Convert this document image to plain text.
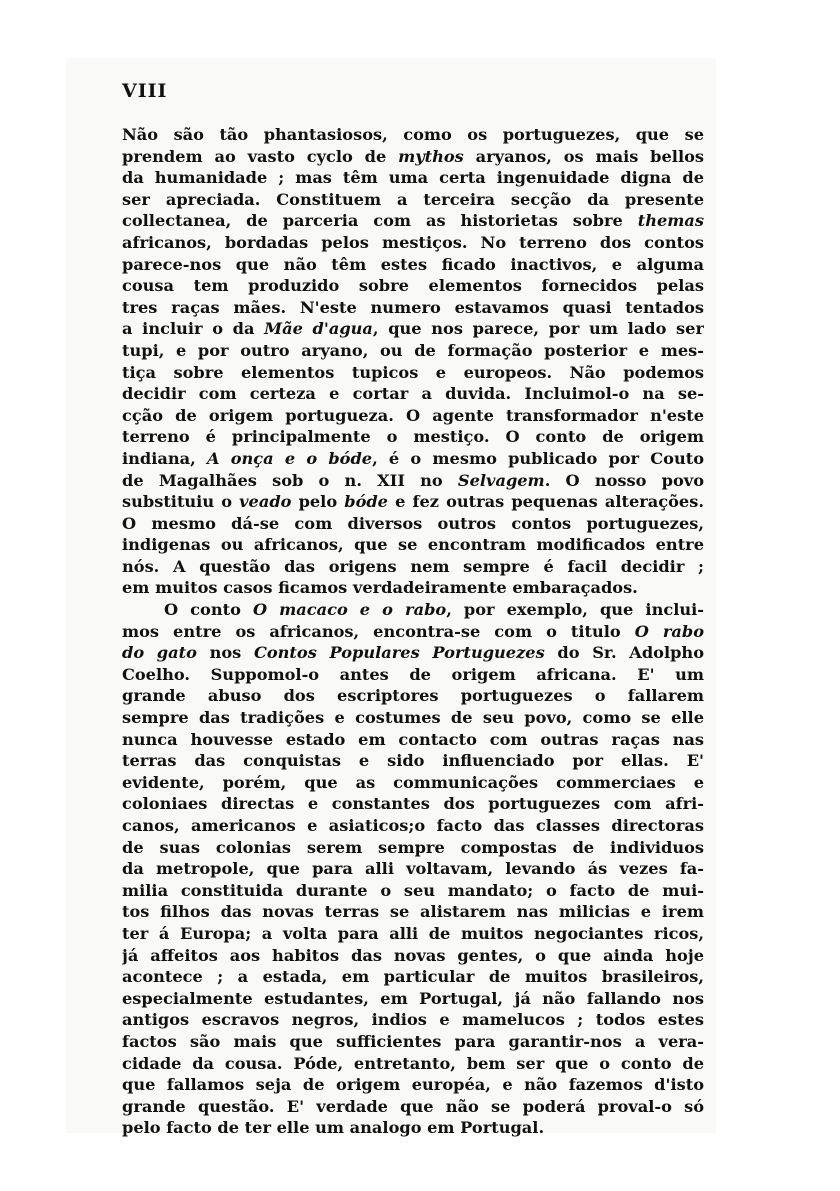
VIII
Não são tão phantasiosos, como os portuguezes, que se
prendem ao vasto cyclo de mythos aryanos, os mais bellos
da humanidade ; mas têm uma certa ingenuidade digna de
ser apreciada. Constituem a terceira secção da presente
collectanea, de parceria com as historietas sobre themas
africanos, bordadas pelos mestiços. No terreno dos contos
parece-nos que não têm estes ficado inactivos, e alguma
cousa tem produzido sobre elementos fornecidos pelas
tres raças mães. N'este numero estavamos quasi tentados
a incluir o da Mãe d'agua, que nos parece, por um lado ser
tupi, e por outro aryano, ou de formação posterior e mes-
tiça sobre elementos tupicos e europeos. Não podemos
decidir com certeza e cortar a duvida. Incluimol-o na se-
cção de origem portugueza. O agente transformador n'este
terreno é principalmente o mestiço. O conto de origem
indiana, A onça e o bóde, é o mesmo publicado por Couto
de Magalhães sob o n. XII no Selvagem. O nosso povo
substituiu o veado pelo bóde e fez outras pequenas alterações.
O mesmo dá-se com diversos outros contos portuguezes,
indigenas ou africanos, que se encontram modificados entre
nós. A questão das origens nem sempre é facil decidir ;
em muitos casos ficamos verdadeiramente embaraçados.
O conto O macaco e o rabo, por exemplo, que inclui-
mos entre os africanos, encontra-se com o titulo O rabo
do gato nos Contos Populares Portuguezes do Sr. Adolpho
Coelho. Suppomol-o antes de origem africana. E' um
grande abuso dos escriptores portuguezes o fallarem
sempre das tradições e costumes de seu povo, como se elle
nunca houvesse estado em contacto com outras raças nas
terras das conquistas e sido influenciado por ellas. E'
evidente, porém, que as communicações commerciaes e
coloniaes directas e constantes dos portuguezes com afri-
canos, americanos e asiaticos;o facto das classes directoras
de suas colonias serem sempre compostas de individuos
da metropole, que para alli voltavam, levando ás vezes fa-
milia constituida durante o seu mandato; o facto de mui-
tos filhos das novas terras se alistarem nas milicias e irem
ter á Europa; a volta para alli de muitos negociantes ricos,
já affeitos aos habitos das novas gentes, o que ainda hoje
acontece ; a estada, em particular de muitos brasileiros,
especialmente estudantes, em Portugal, já não fallando nos
antigos escravos negros, indios e mamelucos ; todos estes
factos são mais que sufficientes para garantir-nos a vera-
cidade da cousa. Póde, entretanto, bem ser que o conto de
que fallamos seja de origem européa, e não fazemos d'isto
grande questão. E' verdade que não se poderá proval-o só
pelo facto de ter elle um analogo em Portugal.
